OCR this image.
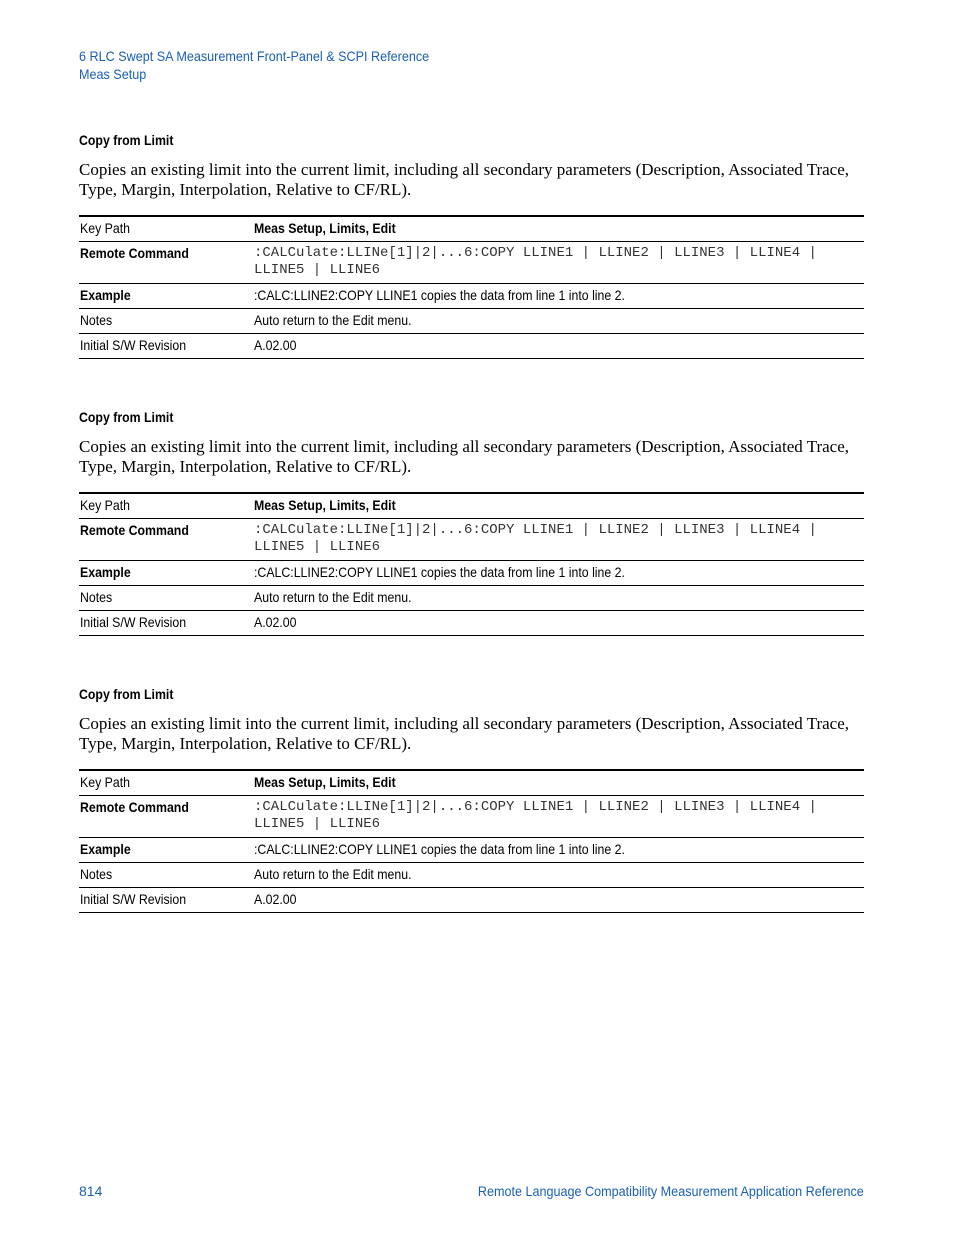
6 RLC Swept SA Measurement Front-Panel & SCPI Reference
Meas Setup
Copy from Limit

Copies an existing limit into the current limit, including all secondary parameters (Description, Associated Trace, Type, Margin, Interpolation, Relative to CF/RL).

Key Path	Meas Setup, Limits, Edit
Remote Command	:CALCulate:LLINe[1]|2|...6:COPY LLINE1 | LLINE2 | LLINE3 | LLINE4 | LLINE5 | LLINE6
Example	:CALC:LLINE2:COPY LLINE1 copies the data from line 1 into line 2.
Notes	Auto return to the Edit menu.
Initial S/W Revision	A.02.00
Copy from Limit

Copies an existing limit into the current limit, including all secondary parameters (Description, Associated Trace, Type, Margin, Interpolation, Relative to CF/RL).

Key Path	Meas Setup, Limits, Edit
Remote Command	:CALCulate:LLINe[1]|2|...6:COPY LLINE1 | LLINE2 | LLINE3 | LLINE4 | LLINE5 | LLINE6
Example	:CALC:LLINE2:COPY LLINE1 copies the data from line 1 into line 2.
Notes	Auto return to the Edit menu.
Initial S/W Revision	A.02.00
Copy from Limit

Copies an existing limit into the current limit, including all secondary parameters (Description, Associated Trace, Type, Margin, Interpolation, Relative to CF/RL).

Key Path	Meas Setup, Limits, Edit
Remote Command	:CALCulate:LLINe[1]|2|...6:COPY LLINE1 | LLINE2 | LLINE3 | LLINE4 | LLINE5 | LLINE6
Example	:CALC:LLINE2:COPY LLINE1 copies the data from line 1 into line 2.
Notes	Auto return to the Edit menu.
Initial S/W Revision	A.02.00
814	Remote Language Compatibility Measurement Application Reference
